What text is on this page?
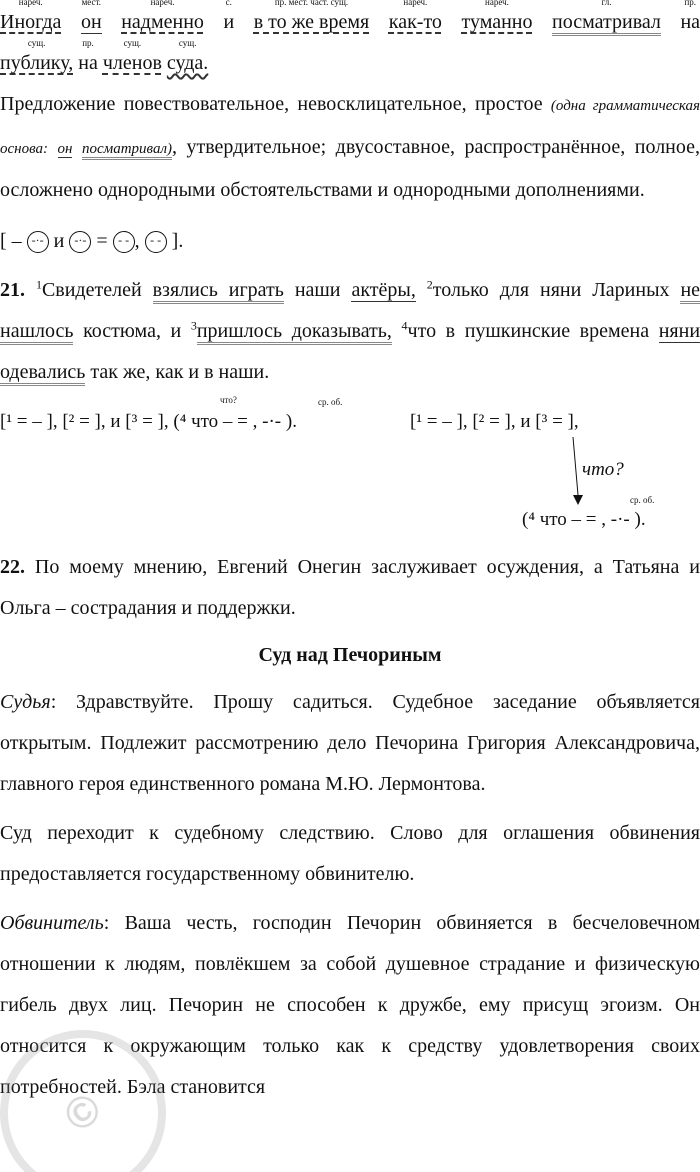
нареч.
Иногда
мест.
он
нареч.
надменно
с.
и
пр. мест. част. сущ.
в то же время
нареч.
как-то
нареч.
туманно
гл.
посматривал
пр.
на
сущ.
публику,
пр.
на
сущ.
членов
сущ.
суда.
Предложение повествовательное, невосклицательное, простое (одна грамматическая основа: он посматривал), утвердительное; двусоставное, распространённое, полное, осложнено однородными обстоятельствами и однородными дополнениями.
[ – -·- и -·- = - - , - - ].
21. $^1$Свидетелей взялись играть наши актёры, $^2$только для няни Лариных не нашлось костюма, и $^3$пришлось доказывать, $^4$что в пушкинские времена няни одевались так же, как и в наши.
что?	ср. об.
[¹ = – ], [² = ], и [³ = ], (⁴ что – = , -·- ).	[¹ = – ], [² = ], и [³ = ],
что?
ср. об.
(⁴ что – = , -·- ).
22. По моему мнению, Евгений Онегин заслуживает осуждения, а Татьяна и Ольга – сострадания и поддержки.
Суд над Печориным
Судья: Здравствуйте. Прошу садиться. Судебное заседание объявляется открытым. Подлежит рассмотрению дело Печорина Григория Александровича, главного героя единственного романа М.Ю. Лермонтова.
Суд переходит к судебному следствию. Слово для оглашения обвинения предоставляется государственному обвинителю.
Обвинитель: Ваша честь, господин Печорин обвиняется в бесчеловечном отношении к людям, повлёкшем за собой душевное страдание и физическую гибель двух лиц. Печорин не способен к дружбе, ему присущ эгоизм. Он относится к окружающим только как к средству удовлетворения своих потребностей. Бэла становится
©
